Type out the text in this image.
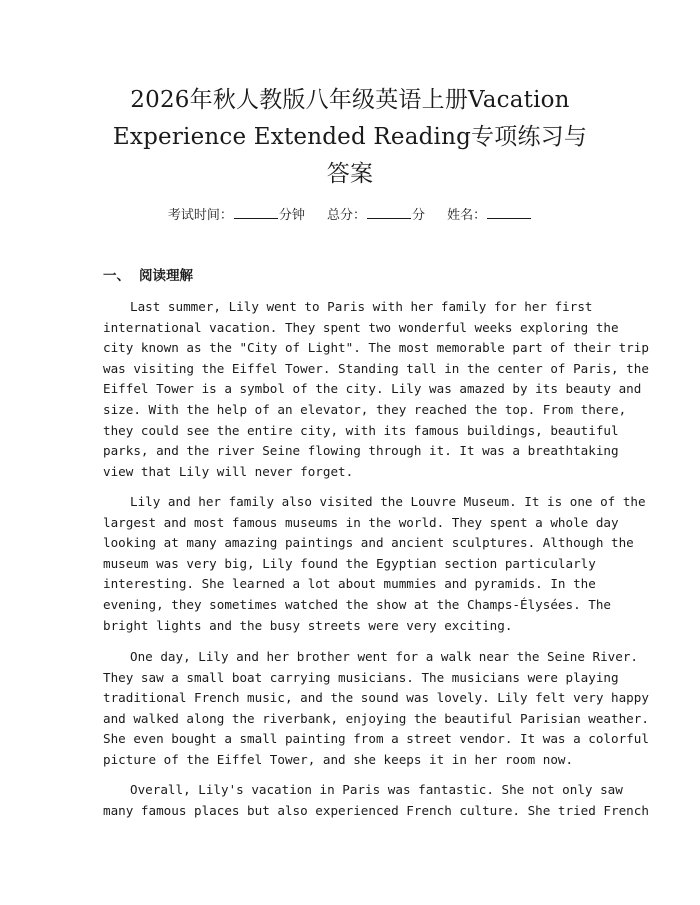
2026年秋人教版八年级英语上册Vacation
Experience Extended Reading专项练习与
答案
考试时间：	分钟 总分：	分 姓名：
一、 阅读理解
Last summer, Lily went to Paris with her family for her first
international vacation. They spent two wonderful weeks exploring the
city known as the "City of Light". The most memorable part of their trip
was visiting the Eiffel Tower. Standing tall in the center of Paris, the
Eiffel Tower is a symbol of the city. Lily was amazed by its beauty and
size. With the help of an elevator, they reached the top. From there,
they could see the entire city, with its famous buildings, beautiful
parks, and the river Seine flowing through it. It was a breathtaking
view that Lily will never forget.
Lily and her family also visited the Louvre Museum. It is one of the
largest and most famous museums in the world. They spent a whole day
looking at many amazing paintings and ancient sculptures. Although the
museum was very big, Lily found the Egyptian section particularly
interesting. She learned a lot about mummies and pyramids. In the
evening, they sometimes watched the show at the Champs-Élysées. The
bright lights and the busy streets were very exciting.
One day, Lily and her brother went for a walk near the Seine River.
They saw a small boat carrying musicians. The musicians were playing
traditional French music, and the sound was lovely. Lily felt very happy
and walked along the riverbank, enjoying the beautiful Parisian weather.
She even bought a small painting from a street vendor. It was a colorful
picture of the Eiffel Tower, and she keeps it in her room now.
Overall, Lily's vacation in Paris was fantastic. She not only saw
many famous places but also experienced French culture. She tried French
